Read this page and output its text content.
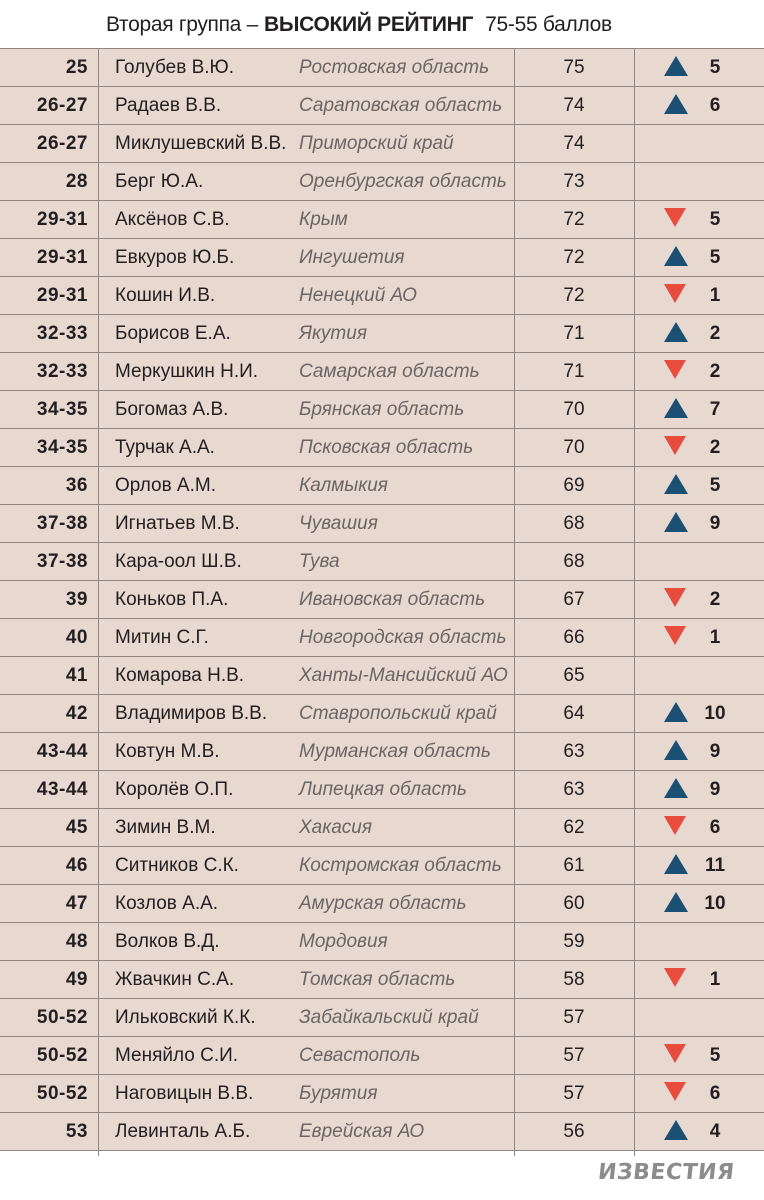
Вторая группа – ВЫСОКИЙ РЕЙТИНГ 75-55 баллов
25 Голубев В.Ю.	Ростовская область	75	5
26-27 Радаев В.В.	Саратовская область	74	6
26-27 Миклушевский В.В. Приморский край	74
28 Берг Ю.А.	Оренбургская область	73
29-31 Аксёнов С.В.	Крым	72	5
29-31 Евкуров Ю.Б.	Ингушетия	72	5
29-31 Кошин И.В.	Ненецкий АО	72	1
32-33 Борисов Е.А.	Якутия	71	2
32-33 Меркушкин Н.И. Самарская область	71	2
34-35 Богомаз А.В.	Брянская область	70	7
34-35 Турчак А.А.	Псковская область	70	2
36 Орлов А.М.	Калмыкия	69	5
37-38 Игнатьев М.В.	Чувашия	68	9
37-38 Кара-оол Ш.В.	Тува	68
39 Коньков П.А.	Ивановская область	67	2
40 Митин С.Г.	Новгородская область	66	1
41 Комарова Н.В.	Ханты-Мансийский АО	65
42 Владимиров В.В. Ставропольский край	64	10
43-44 Ковтун М.В.	Мурманская область	63	9
43-44 Королёв О.П.	Липецкая область	63	9
45 Зимин В.М.	Хакасия	62	6
46 Ситников С.К.	Костромская область	61	11
47 Козлов А.А.	Амурская область	60	10
48 Волков В.Д.	Мордовия	59
49 Жвачкин С.А.	Томская область	58	1
50-52 Ильковский К.К. Забайкальский край	57
50-52 Меняйло С.И.	Севастополь	57	5
50-52 Наговицын В.В. Бурятия	57	6
53 Левинталь А.Б.	Еврейская АО	56	4
ИЗВЕСТИЯ
